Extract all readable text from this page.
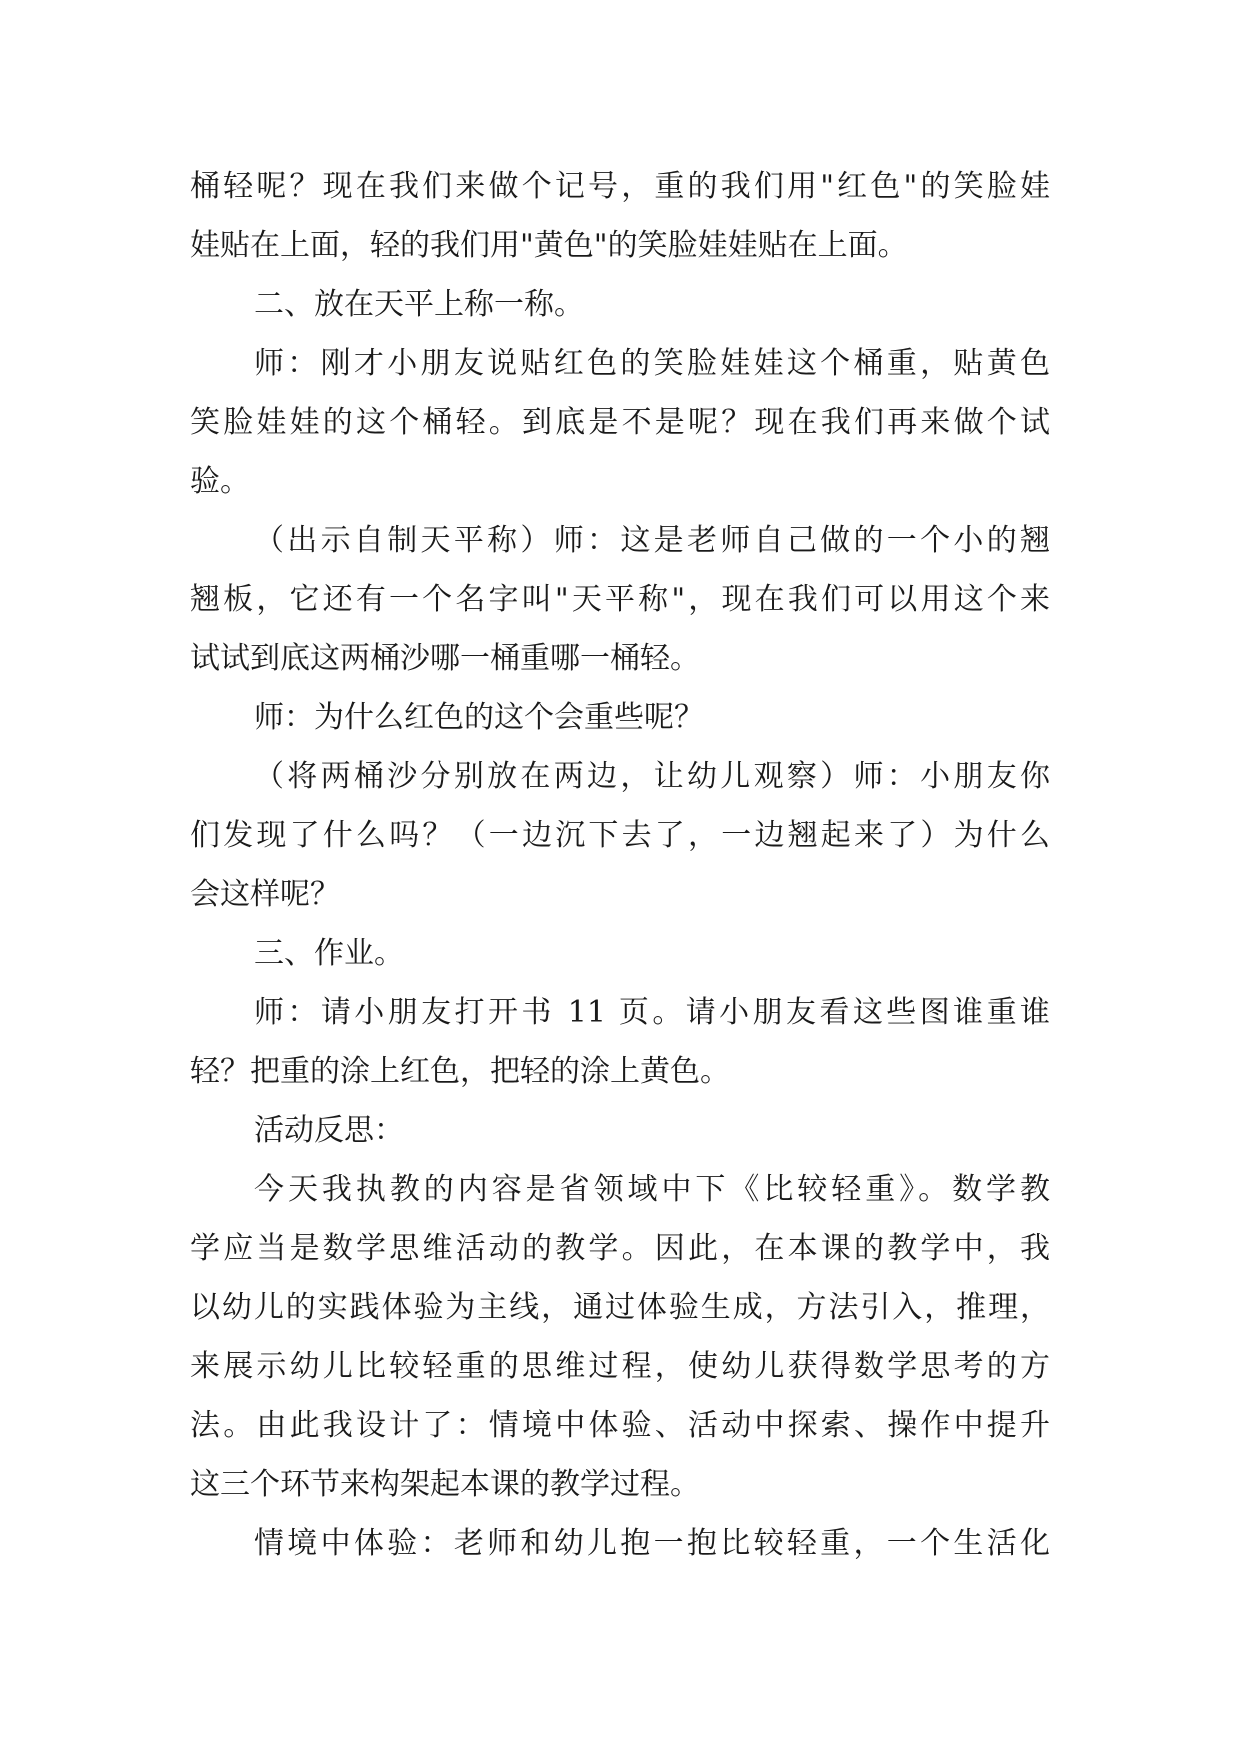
桶轻呢？现在我们来做个记号，重的我们用"红色"的笑脸娃
娃贴在上面，轻的我们用"黄色"的笑脸娃娃贴在上面。
二、放在天平上称一称。
师：刚才小朋友说贴红色的笑脸娃娃这个桶重，贴黄色
笑脸娃娃的这个桶轻。到底是不是呢？现在我们再来做个试
验。
（出示自制天平称）师：这是老师自己做的一个小的翘
翘板，它还有一个名字叫"天平称"，现在我们可以用这个来
试试到底这两桶沙哪一桶重哪一桶轻。
师：为什么红色的这个会重些呢？
（将两桶沙分别放在两边，让幼儿观察）师：小朋友你
们发现了什么吗？（一边沉下去了，一边翘起来了）为什么
会这样呢？
三、作业。
师：请小朋友打开书 11 页。请小朋友看这些图谁重谁
轻？把重的涂上红色，把轻的涂上黄色。
活动反思：
今天我执教的内容是省领域中下《比较轻重》。数学教
学应当是数学思维活动的教学。因此，在本课的教学中，我
以幼儿的实践体验为主线，通过体验生成，方法引入，推理，
来展示幼儿比较轻重的思维过程，使幼儿获得数学思考的方
法。由此我设计了：情境中体验、活动中探索、操作中提升
这三个环节来构架起本课的教学过程。
情境中体验：老师和幼儿抱一抱比较轻重，一个生活化
